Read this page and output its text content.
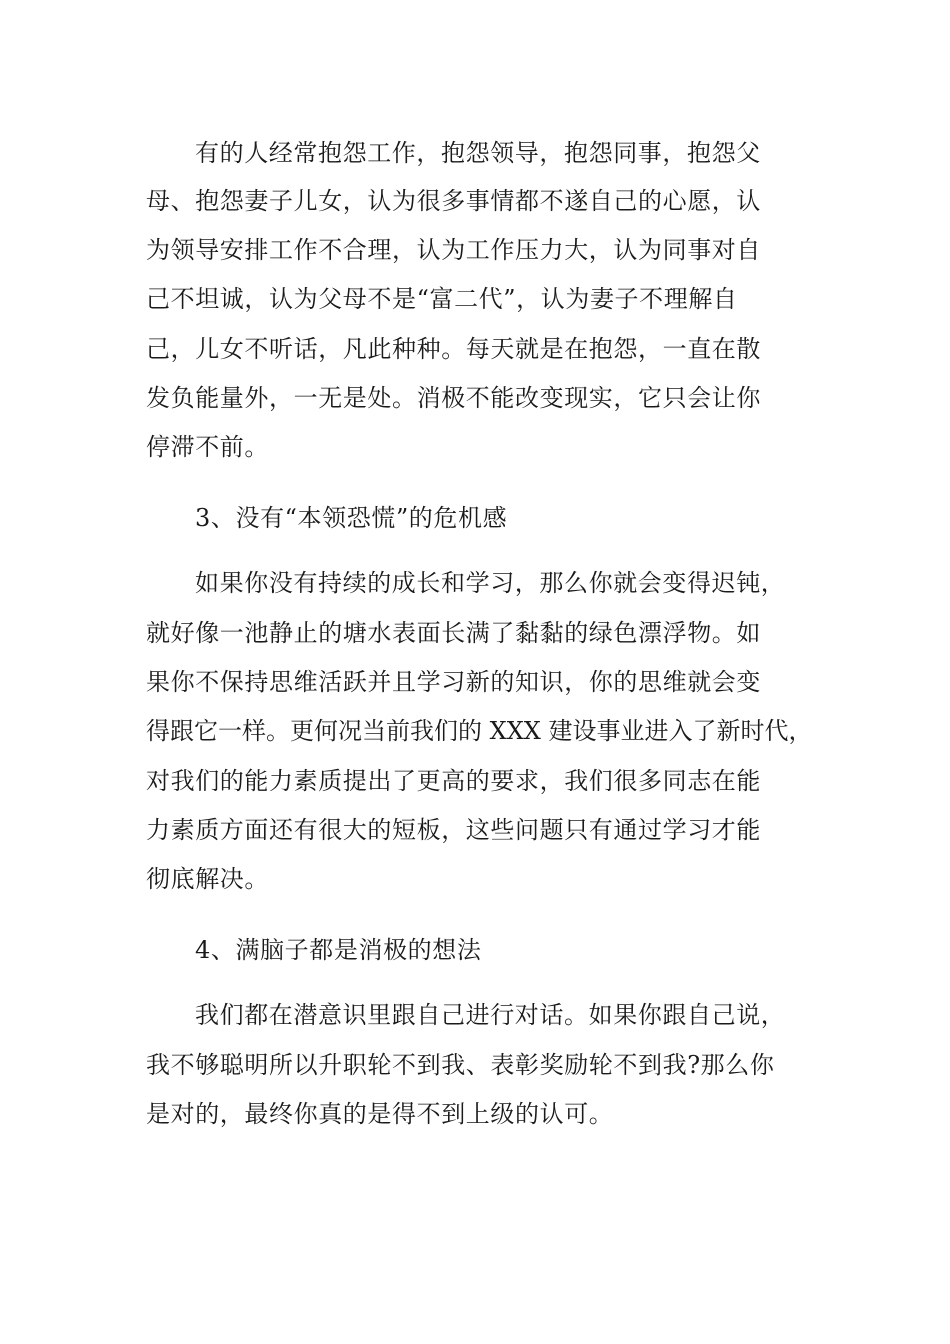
有的人经常抱怨工作，抱怨领导，抱怨同事，抱怨父
母、抱怨妻子儿女，认为很多事情都不遂自己的心愿，认
为领导安排工作不合理，认为工作压力大，认为同事对自
己不坦诚，认为父母不是“富二代”，认为妻子不理解自
己，儿女不听话，凡此种种。每天就是在抱怨，一直在散
发负能量外，一无是处。消极不能改变现实，它只会让你
停滞不前。
3、没有“本领恐慌”的危机感
如果你没有持续的成长和学习，那么你就会变得迟钝，
就好像一池静止的塘水表面长满了黏黏的绿色漂浮物。如
果你不保持思维活跃并且学习新的知识，你的思维就会变
得跟它一样。更何况当前我们的 XXX 建设事业进入了新时代，
对我们的能力素质提出了更高的要求，我们很多同志在能
力素质方面还有很大的短板，这些问题只有通过学习才能
彻底解决。
4、满脑子都是消极的想法
我们都在潜意识里跟自己进行对话。如果你跟自己说，
我不够聪明所以升职轮不到我、表彰奖励轮不到我?那么你
是对的，最终你真的是得不到上级的认可。
